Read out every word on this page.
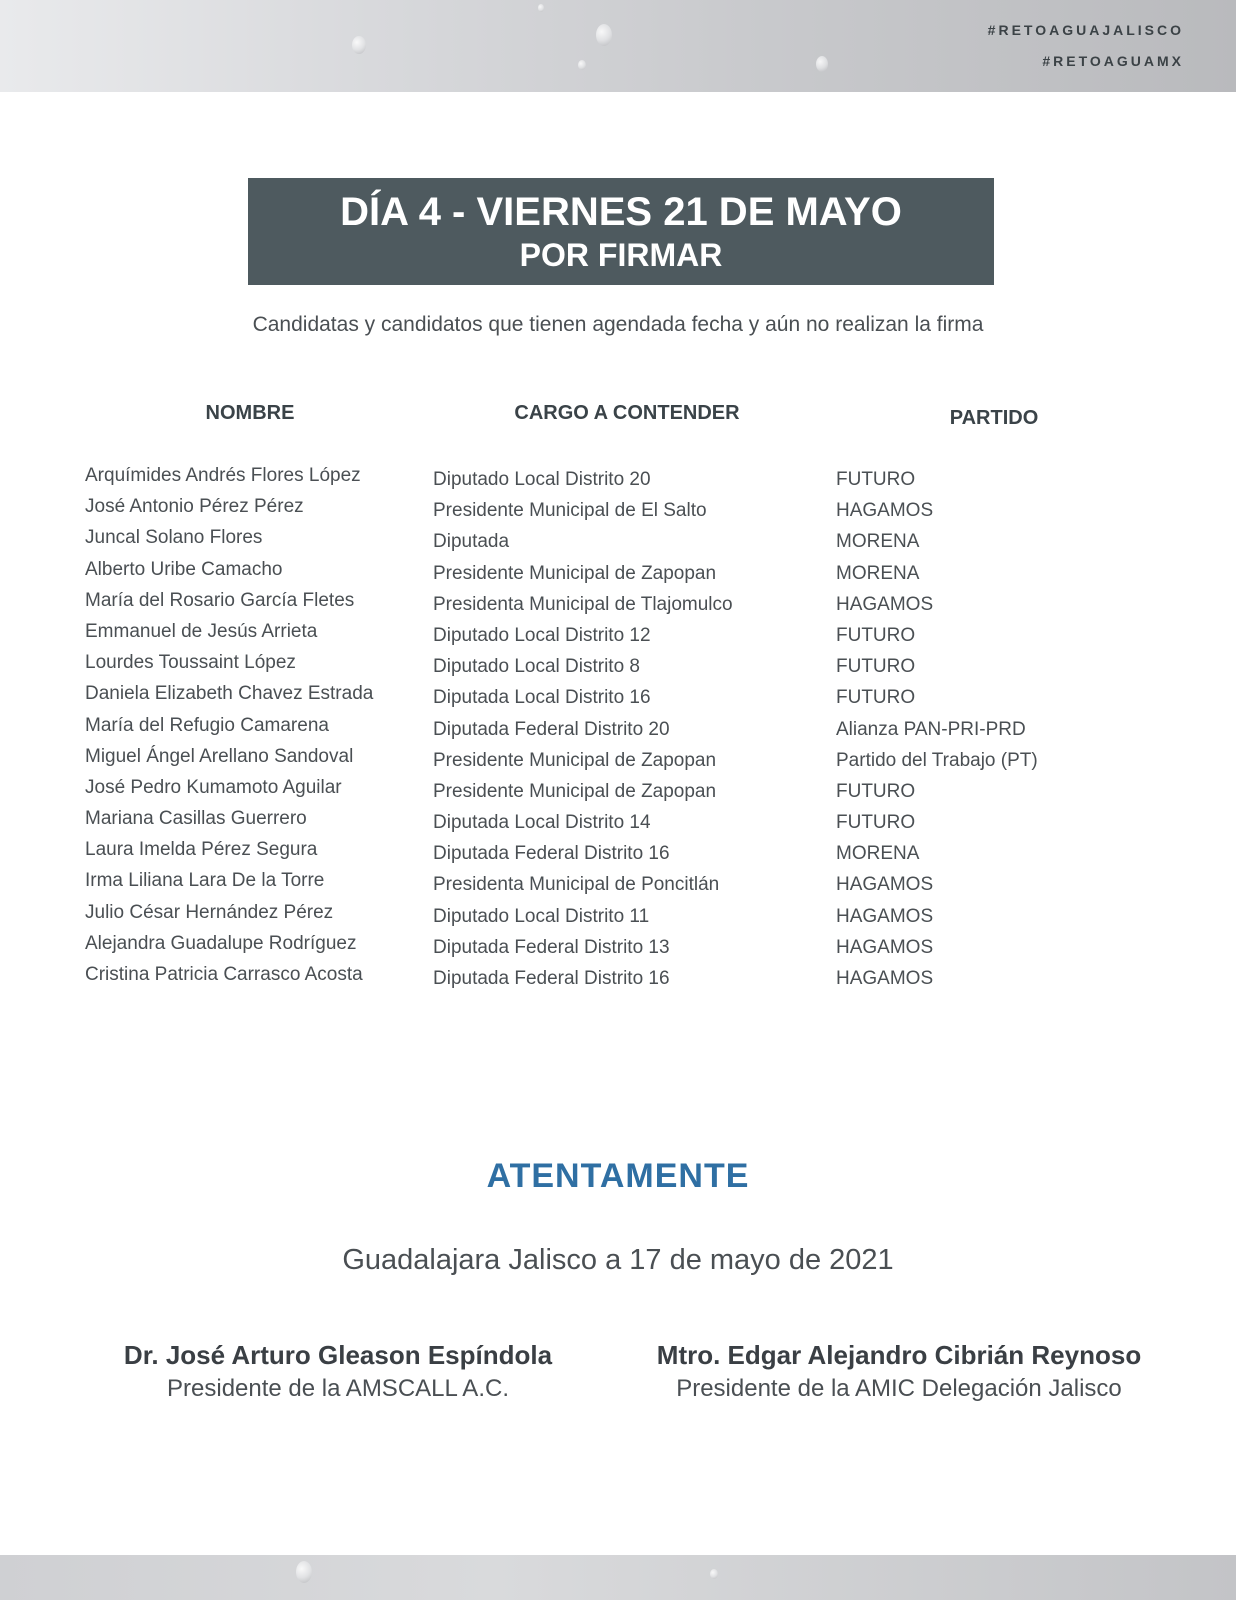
#RETOAGUAJALISCO
#RETOAGUAMX
DÍA 4 - VIERNES 21 DE MAYO
POR FIRMAR
Candidatas y candidatos que tienen agendada fecha y aún no realizan la firma
NOMBRE	CARGO A CONTENDER	PARTIDO
Arquímides Andrés Flores López
José Antonio Pérez Pérez
Juncal Solano Flores
Alberto Uribe Camacho
María del Rosario García Fletes
Emmanuel de Jesús Arrieta
Lourdes Toussaint López
Daniela Elizabeth Chavez Estrada
María del Refugio Camarena
Miguel Ángel Arellano Sandoval
José Pedro Kumamoto Aguilar
Mariana Casillas Guerrero
Laura Imelda Pérez Segura
Irma Liliana Lara De la Torre
Julio César Hernández Pérez
Alejandra Guadalupe Rodríguez
Cristina Patricia Carrasco Acosta
Diputado Local Distrito 20
Presidente Municipal de El Salto
Diputada
Presidente Municipal de Zapopan
Presidenta Municipal de Tlajomulco
Diputado Local Distrito 12
Diputado Local Distrito 8
Diputada Local Distrito 16
Diputada Federal Distrito 20
Presidente Municipal de Zapopan
Presidente Municipal de Zapopan
Diputada Local Distrito 14
Diputada Federal Distrito 16
Presidenta Municipal de Poncitlán
Diputado Local Distrito 11
Diputada Federal Distrito 13
Diputada Federal Distrito 16
FUTURO
HAGAMOS
MORENA
MORENA
HAGAMOS
FUTURO
FUTURO
FUTURO
Alianza PAN-PRI-PRD
Partido del Trabajo (PT)
FUTURO
FUTURO
MORENA
HAGAMOS
HAGAMOS
HAGAMOS
HAGAMOS
ATENTAMENTE
Guadalajara Jalisco a 17 de mayo de 2021
Dr. José Arturo Gleason Espíndola
Presidente de la AMSCALL A.C.
Mtro. Edgar Alejandro Cibrián Reynoso
Presidente de la AMIC Delegación Jalisco
